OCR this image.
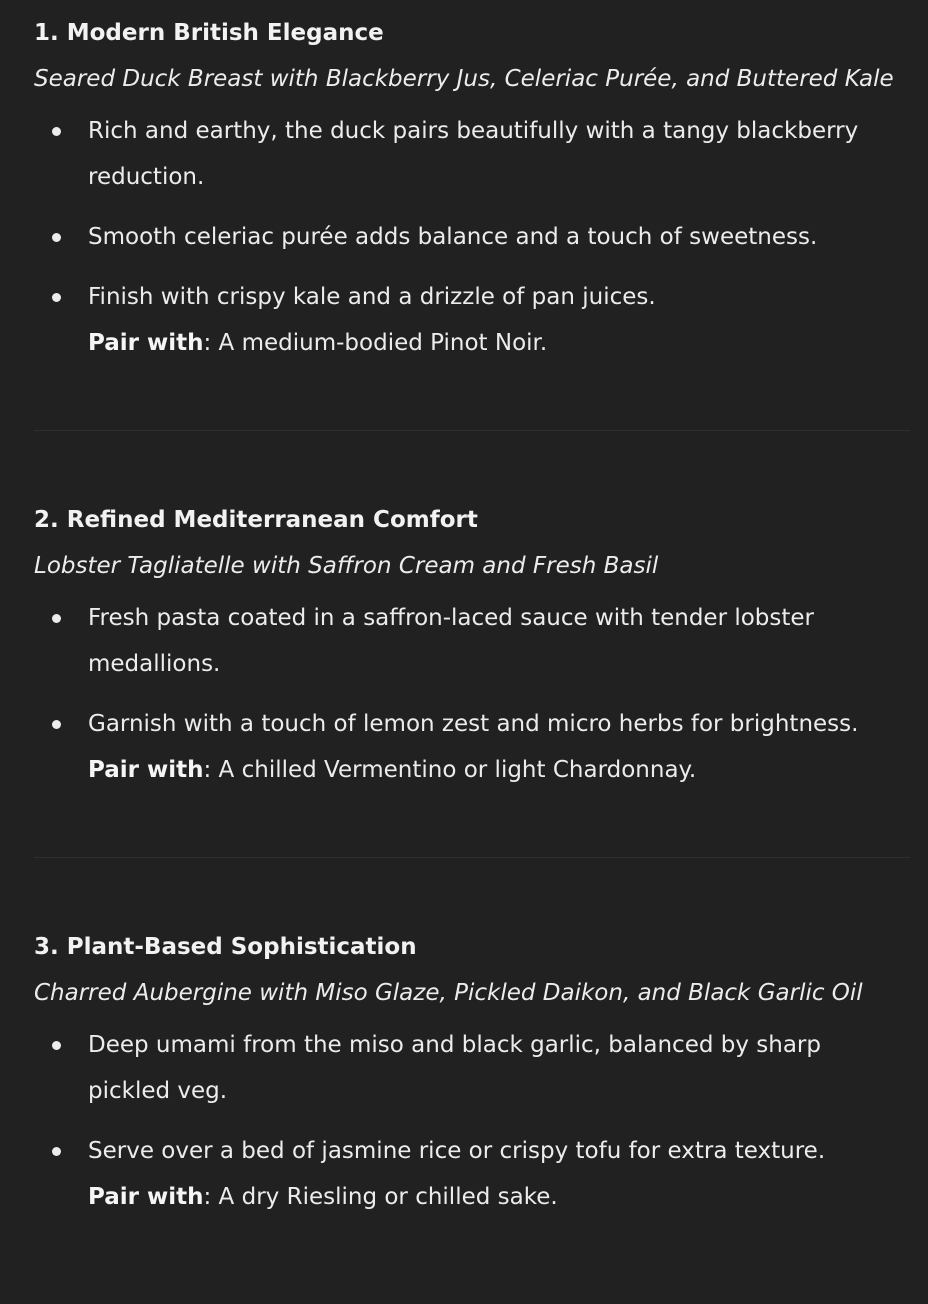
1. Modern British Elegance

Seared Duck Breast with Blackberry Jus, Celeriac Purée, and Buttered Kale

Rich and earthy, the duck pairs beautifully with a tangy blackberry reduction.
Smooth celeriac purée adds balance and a touch of sweetness.
Finish with crispy kale and a drizzle of pan juices.
Pair with: A medium-bodied Pinot Noir.

2. Refined Mediterranean Comfort

Lobster Tagliatelle with Saffron Cream and Fresh Basil

Fresh pasta coated in a saffron-laced sauce with tender lobster medallions.
Garnish with a touch of lemon zest and micro herbs for brightness.
Pair with: A chilled Vermentino or light Chardonnay.

3. Plant-Based Sophistication

Charred Aubergine with Miso Glaze, Pickled Daikon, and Black Garlic Oil

Deep umami from the miso and black garlic, balanced by sharp pickled veg.
Serve over a bed of jasmine rice or crispy tofu for extra texture.
Pair with: A dry Riesling or chilled sake.
